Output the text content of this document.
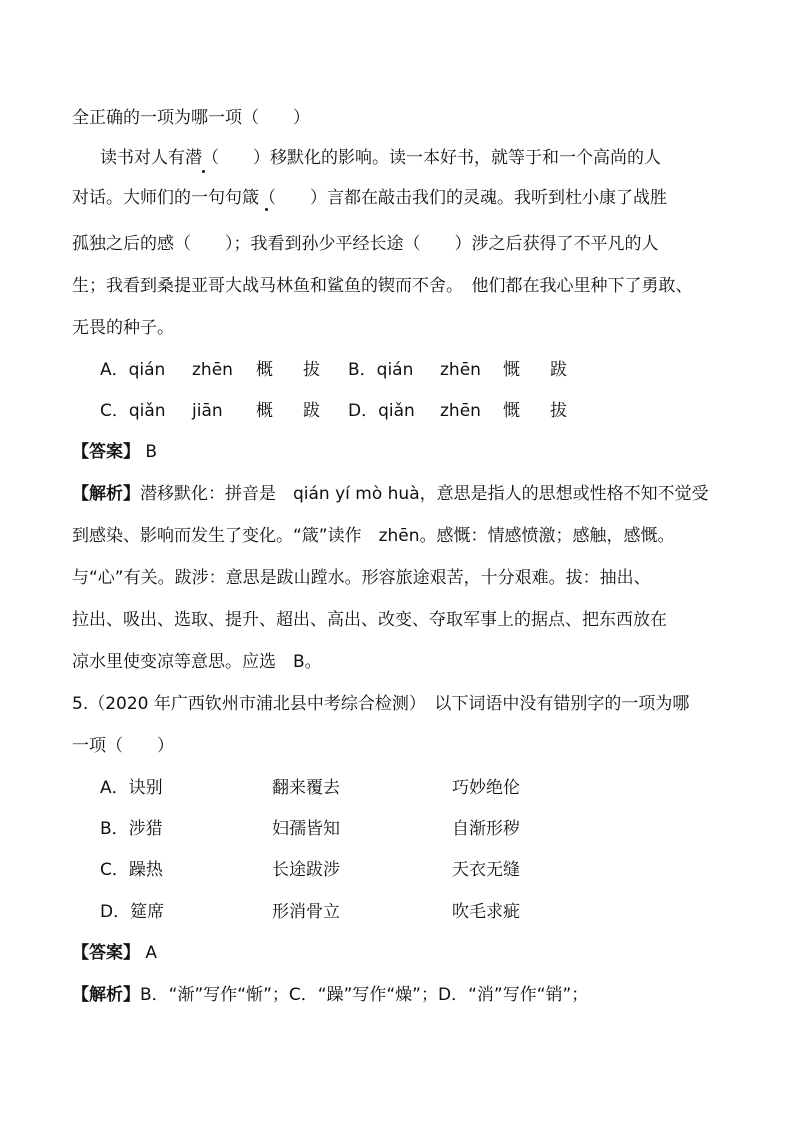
全正确的一项为哪一项（　　）
读书对人有潜（　　）移默化的影响。读一本好书，就等于和一个高尚的人
对话。大师们的一句句箴（　　）言都在敲击我们的灵魂。我听到杜小康了战胜
孤独之后的感（　　）；我看到孙少平经长途（　　）涉之后获得了不平凡的人
生；我看到桑提亚哥大战马林鱼和鲨鱼的锲而不舍。　他们都在我心里种下了勇敢、
无畏的种子。
A．qián zhēn 概 拔 B．qián zhēn 慨 跋
C．qiǎn jiān 概 跋 D．qiǎn zhēn 慨 拔
【答案】 B
【解析】潜移默化：拼音是　qián yí mò huà，意思是指人的思想或性格不知不觉受
到感染、影响而发生了变化。“箴”读作　zhēn。感慨：情感愤激；感触，感慨。
与“心”有关。跋涉：意思是跋山蹚水。形容旅途艰苦，十分艰难。拔：抽出、
拉出、吸出、选取、提升、超出、高出、改变、夺取军事上的据点、把东西放在
凉水里使变凉等意思。应选　B。
5.（2020 年广西钦州市浦北县中考综合检测）　以下词语中没有错别字的一项为哪
一项（　　）
A．诀别	翻来覆去	巧妙绝伦
B．涉猎	妇孺皆知	自渐形秽
C．躁热	长途跋涉	天衣无缝
D．筵席	形消骨立	吹毛求疵
【答案】 A
【解析】B．“渐”写作“惭”；C．“躁”写作“燥”；D．“消”写作“销”；
